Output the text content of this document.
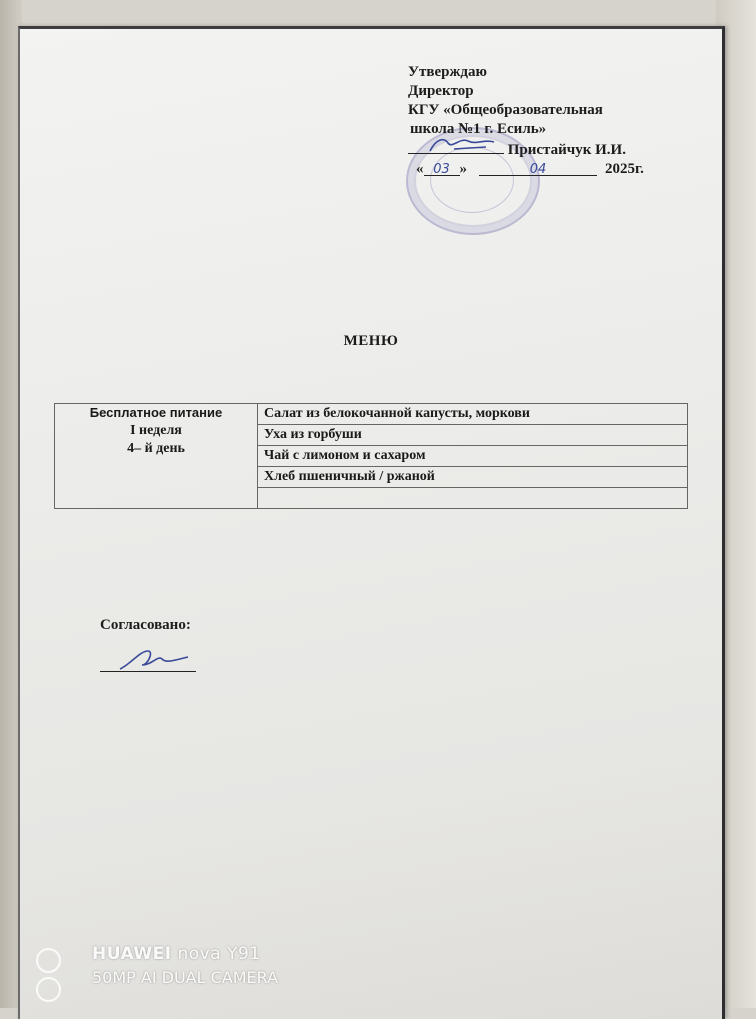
Утверждаю
Директор
КГУ «Общеобразовательная
школа №1 г. Есиль»
Пристайчук И.И.
« 03 »	04	2025г.
МЕНЮ
Бесплатное питание
I неделя
4– й день
	Салат из белокочанной капусты, моркови
Уха из горбуши
Чай с лимоном и сахаром
Хлеб пшеничный / ржаной

Согласовано:
HUAWEI nova Y91
50MP AI DUAL CAMERA
